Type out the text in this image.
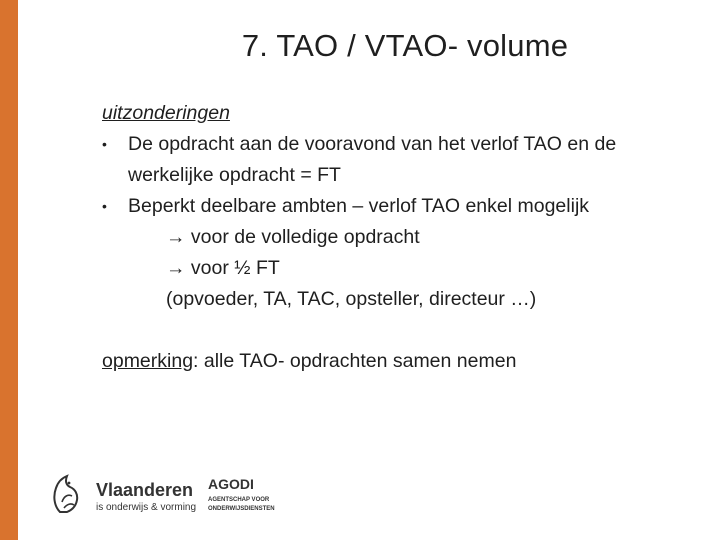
7. TAO / VTAO- volume
uitzonderingen
•	De opdracht aan de vooravond van het verlof TAO en de
werkelijke opdracht = FT
•	Beperkt deelbare ambten – verlof TAO enkel mogelijk
→ voor de volledige opdracht
→ voor ½ FT
(opvoeder, TA, TAC, opsteller, directeur …)
opmerking: alle TAO- opdrachten samen nemen
Vlaanderen
is onderwijs & vorming
AGODI
AGENTSCHAP VOOR
ONDERWIJSDIENSTEN
